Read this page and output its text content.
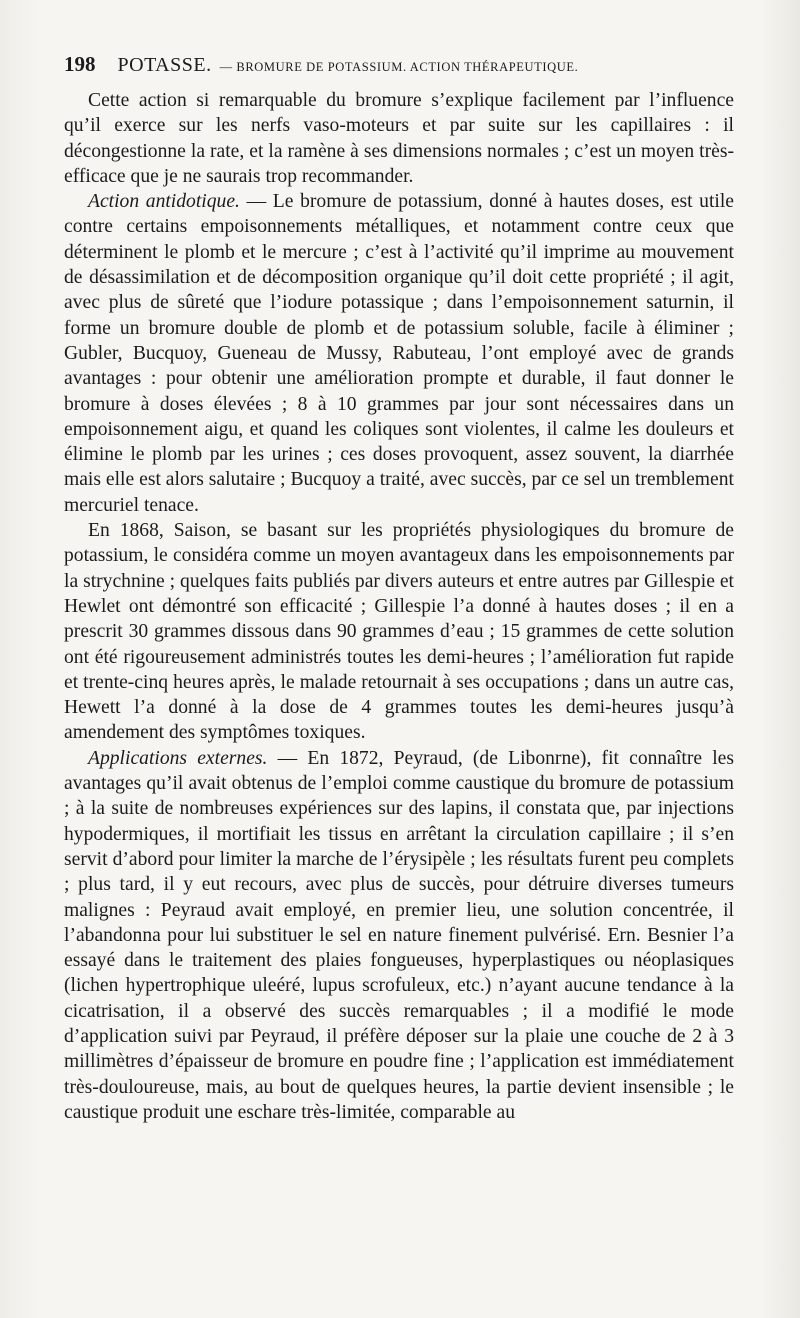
198 POTASSE. — BROMURE DE POTASSIUM. ACTION THÉRAPEUTIQUE.

Cette action si remarquable du bromure s’explique facilement par l’influence qu’il exerce sur les nerfs vaso-moteurs et par suite sur les capillaires : il décongestionne la rate, et la ramène à ses dimensions normales ; c’est un moyen très-efficace que je ne saurais trop recommander.

Action antidotique. — Le bromure de potassium, donné à hautes doses, est utile contre certains empoisonnements métalliques, et notamment contre ceux que déterminent le plomb et le mercure ; c’est à l’activité qu’il imprime au mouvement de désassimilation et de décomposition organique qu’il doit cette propriété ; il agit, avec plus de sûreté que l’iodure potassique ; dans l’empoisonnement saturnin, il forme un bromure double de plomb et de potassium soluble, facile à éliminer ; Gubler, Bucquoy, Gueneau de Mussy, Rabuteau, l’ont employé avec de grands avantages : pour obtenir une amélioration prompte et durable, il faut donner le bromure à doses élevées ; 8 à 10 grammes par jour sont nécessaires dans un empoisonnement aigu, et quand les coliques sont violentes, il calme les douleurs et élimine le plomb par les urines ; ces doses provoquent, assez souvent, la diarrhée mais elle est alors salutaire ; Bucquoy a traité, avec succès, par ce sel un tremblement mercuriel tenace.

En 1868, Saison, se basant sur les propriétés physiologiques du bromure de potassium, le considéra comme un moyen avantageux dans les empoisonnements par la strychnine ; quelques faits publiés par divers auteurs et entre autres par Gillespie et Hewlet ont démontré son efficacité ; Gillespie l’a donné à hautes doses ; il en a prescrit 30 grammes dissous dans 90 grammes d’eau ; 15 grammes de cette solution ont été rigoureusement administrés toutes les demi-heures ; l’amélioration fut rapide et trente-cinq heures après, le malade retournait à ses occupations ; dans un autre cas, Hewett l’a donné à la dose de 4 grammes toutes les demi-heures jusqu’à amendement des symptômes toxiques.

Applications externes. — En 1872, Peyraud, (de Libonrne), fit connaître les avantages qu’il avait obtenus de l’emploi comme caustique du bromure de potassium ; à la suite de nombreuses expériences sur des lapins, il constata que, par injections hypodermiques, il mortifiait les tissus en arrêtant la circulation capillaire ; il s’en servit d’abord pour limiter la marche de l’érysipèle ; les résultats furent peu complets ; plus tard, il y eut recours, avec plus de succès, pour détruire diverses tumeurs malignes : Peyraud avait employé, en premier lieu, une solution concentrée, il l’abandonna pour lui substituer le sel en nature finement pulvérisé. Ern. Besnier l’a essayé dans le traitement des plaies fongueuses, hyperplastiques ou néoplasiques (lichen hypertrophique uleéré, lupus scrofuleux, etc.) n’ayant aucune tendance à la cicatrisation, il a observé des succès remarquables ; il a modifié le mode d’application suivi par Peyraud, il préfère déposer sur la plaie une couche de 2 à 3 millimètres d’épaisseur de bromure en poudre fine ; l’application est immédiatement très-douloureuse, mais, au bout de quelques heures, la partie devient insensible ; le caustique produit une eschare très-limitée, comparable au
